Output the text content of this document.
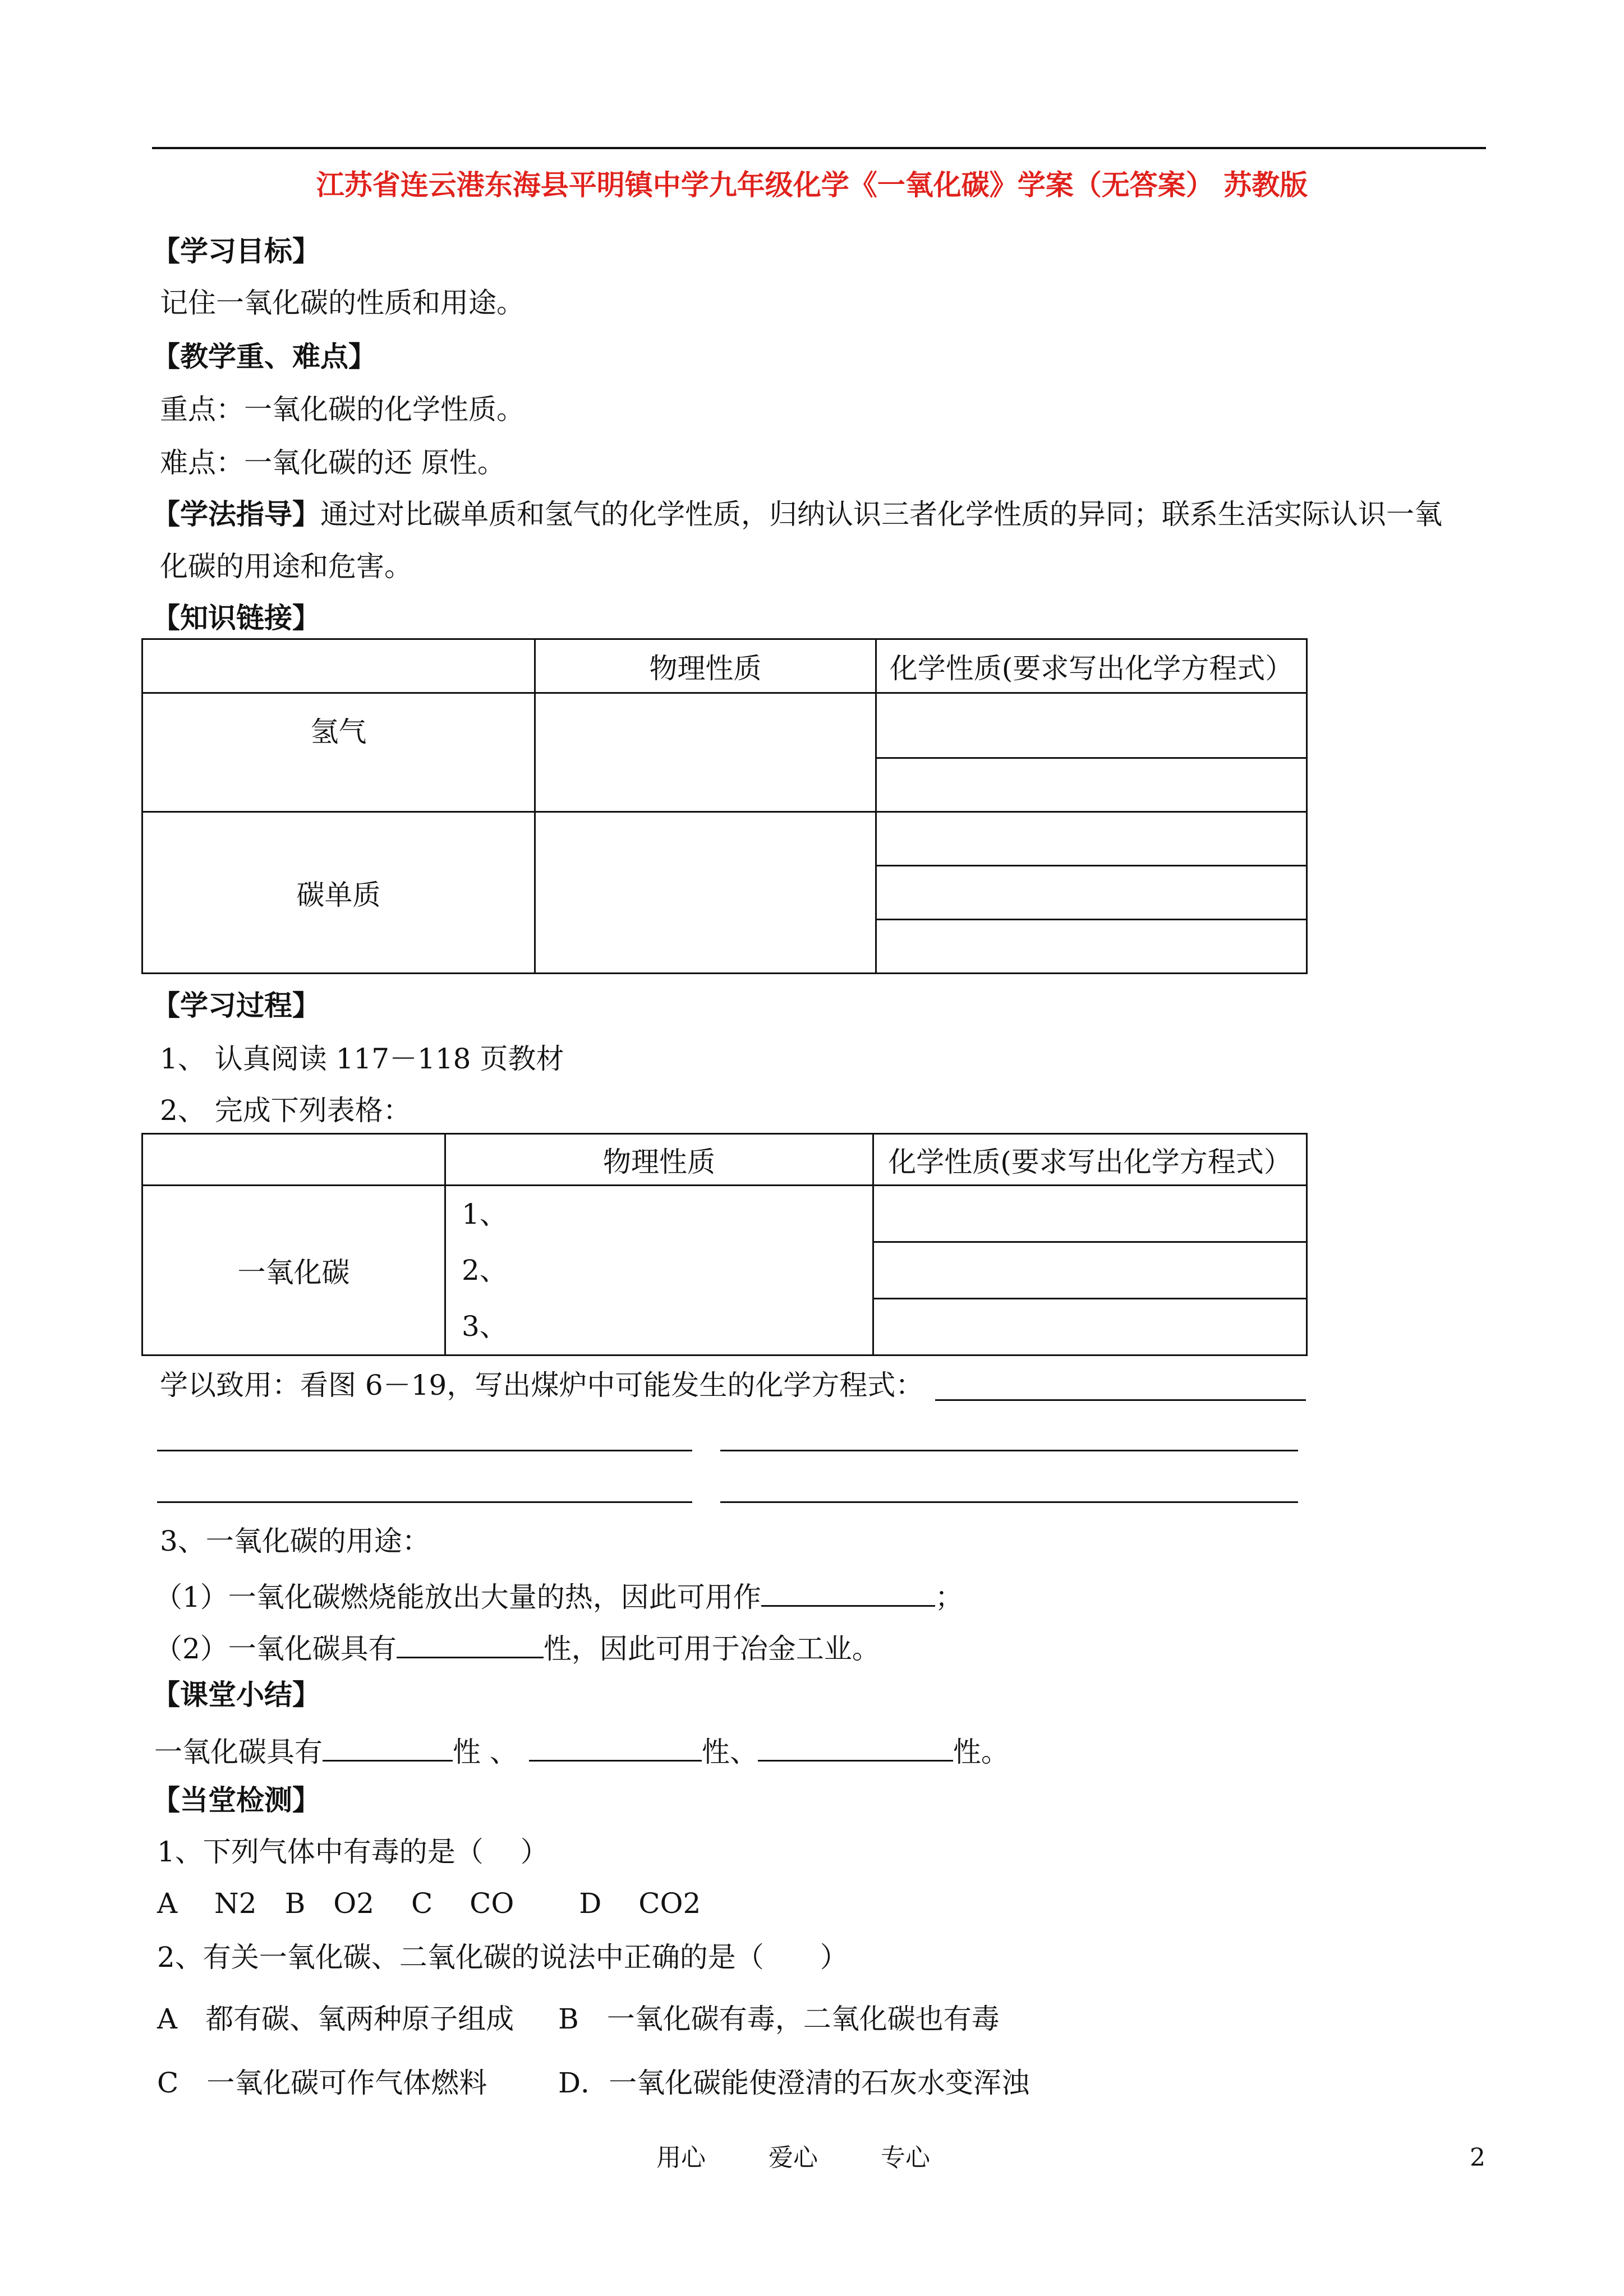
江苏省连云港东海县平明镇中学九年级化学《一氧化碳》学案（无答案） 苏教版
【学习目标】
记住一氧化碳的性质和用途。
【教学重、难点】
重点：一氧化碳的化学性质。
难点：一氧化碳的还 原性。
【学法指导】通过对比碳单质和氢气的化学性质，归纳认识三者化学性质的异同；联系生活实际认识一氧
化碳的用途和危害。
【知识链接】
	物理性质	化学性质(要求写出化学方程式）
氢气		

碳单质		

【学习过程】
1、 认真阅读 117－118 页教材
2、 完成下列表格：
	物理性质	化学性质(要求写出化学方程式）
一氧化碳	1、
2、
3、	

学以致用：看图 6－19，写出煤炉中可能发生的化学方程式：
3、一氧化碳的用途：
（1）一氧化碳燃烧能放出大量的热，因此可用作	；
（2）一氧化碳具有	性，因此可用于冶金工业。
【课堂小结】
一氧化碳具有	性 、	性、	性。
【当堂检测】
1、下列气体中有毒的是（　 ）
A　 N2　B　O2　 C　 CO　　 D　 CO2
2、有关一氧化碳、二氧化碳的说法中正确的是（　　）
A　都有碳、氧两种原子组成 B　一氧化碳有毒，二氧化碳也有毒
C　一氧化碳可作气体燃料	D．一氧化碳能使澄清的石灰水变浑浊
用心	爱心	专心	2
